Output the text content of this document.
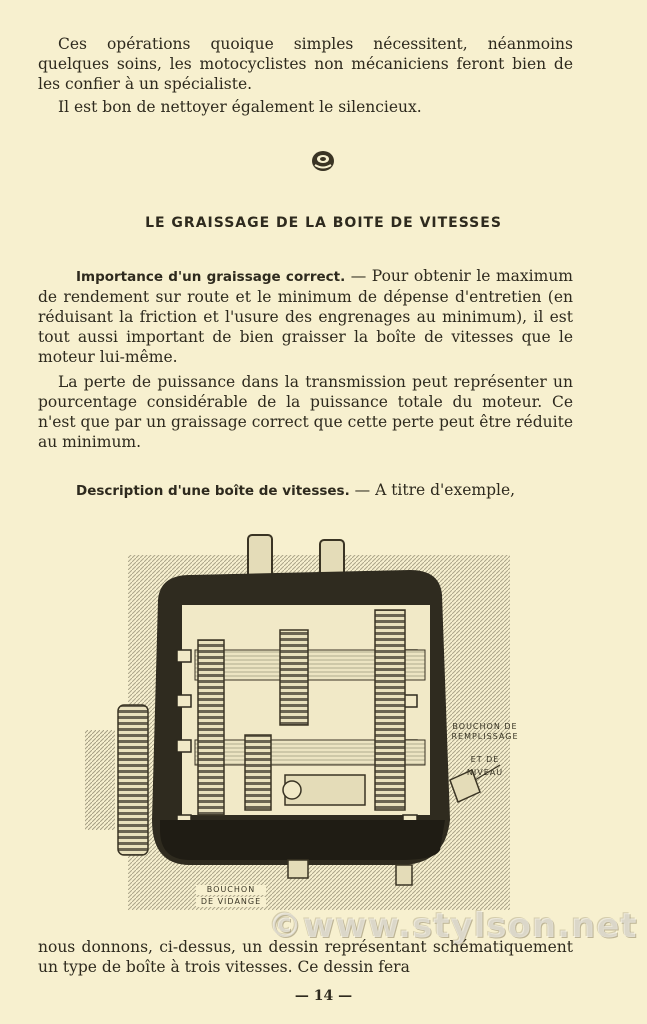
Ces opérations quoique simples nécessitent, néanmoins quelques soins, les motocyclistes non mécaniciens feront bien de les confier à un spécialiste.

Il est bon de nettoyer également le silencieux.

LE GRAISSAGE DE LA BOITE DE VITESSES

Importance d'un graissage correct. — Pour obtenir le maximum de rendement sur route et le minimum de dépense d'entretien (en réduisant la friction et l'usure des engrenages au minimum), il est tout aussi important de bien graisser la boîte de vitesses que le moteur lui-même.

La perte de puissance dans la transmission peut représenter un pourcentage considérable de la puissance totale du moteur. Ce n'est que par un graissage correct que cette perte peut être réduite au minimum.

Description d'une boîte de vitesses. — A titre d'exemple,

BOUCHON DE REMPLISSAGE
ET DE
NIVEAU
BOUCHON
DE VIDANGE
©www.stylson.net

nous donnons, ci-dessus, un dessin représentant schématiquement un type de boîte à trois vitesses. Ce dessin fera

— 14 —
